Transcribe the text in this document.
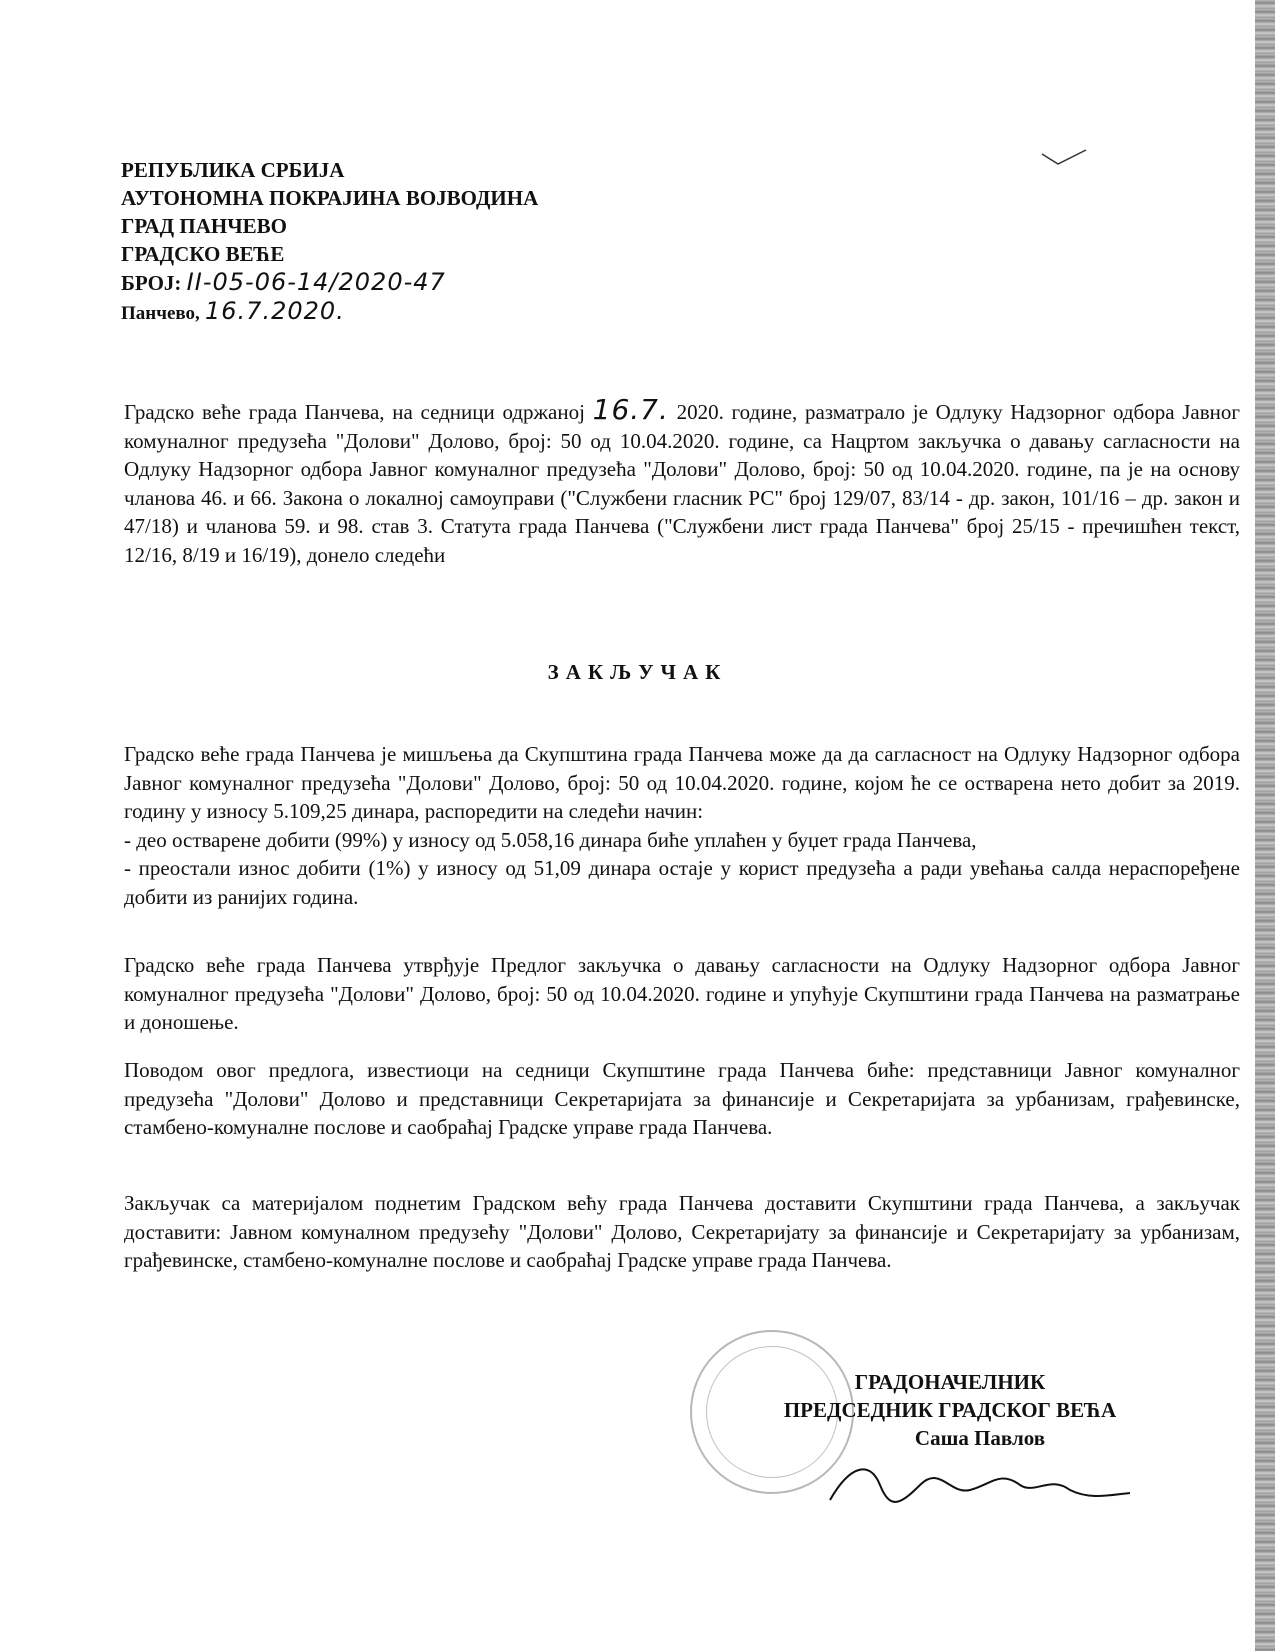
РЕПУБЛИКА СРБИЈА
АУТОНОМНА ПОКРАЈИНА ВОЈВОДИНА
ГРАД ПАНЧЕВО
ГРАДСКО ВЕЋЕ
БРОЈ: II-05-06-14/2020-47
Панчево, 16.7.2020.
Градско веће града Панчева, на седници одржаној 16.7. 2020. године, разматрало је Одлуку Надзорног одбора Јавног комуналног предузећа "Долови" Долово, број: 50 од 10.04.2020. године, са Нацртом закључка о давању сагласности на Одлуку Надзорног одбора Јавног комуналног предузећа "Долови" Долово, број: 50 од 10.04.2020. године, па је на основу чланова 46. и 66. Закона о локалној самоуправи ("Службени гласник РС" број 129/07, 83/14 - др. закон, 101/16 – др. закон и 47/18) и чланова 59. и 98. став 3. Статута града Панчева ("Службени лист града Панчева" број 25/15 - пречишћен текст, 12/16, 8/19 и 16/19), донело следећи
ЗАКЉУЧАК
Градско веће града Панчева је мишљења да Скупштина града Панчева може да да сагласност на Одлуку Надзорног одбора Јавног комуналног предузећа "Долови" Долово, број: 50 од 10.04.2020. године, којом ће се остварена нето добит за 2019. годину у износу 5.109,25 динара, распоредити на следећи начин:
- део остварене добити (99%) у износу од 5.058,16 динара биће уплаћен у буџет града Панчева,
- преостали износ добити (1%) у износу од 51,09 динара остаје у корист предузећа а ради увећања салда нераспоређене добити из ранијих година.
Градско веће града Панчева утврђује Предлог закључка о давању сагласности на Одлуку Надзорног одбора Јавног комуналног предузећа "Долови" Долово, број: 50 од 10.04.2020. године и упућује Скупштини града Панчева на разматрање и доношење.
Поводом овог предлога, известиоци на седници Скупштине града Панчева биће: представници Јавног комуналног предузећа "Долови" Долово и представници Секретаријата за финансије и Секретаријата за урбанизам, грађевинске, стамбено-комуналне послове и саобраћај Градске управе града Панчева.
Закључак са материјалом поднетим Градском већу града Панчева доставити Скупштини града Панчева, а закључак доставити: Јавном комуналном предузећу "Долови" Долово, Секретаријату за финансије и Секретаријату за урбанизам, грађевинске, стамбено-комуналне послове и саобраћај Градске управе града Панчева.
ГРАДОНАЧЕЛНИК
ПРЕДСЕДНИК ГРАДСКОГ ВЕЋА
Саша Павлов
